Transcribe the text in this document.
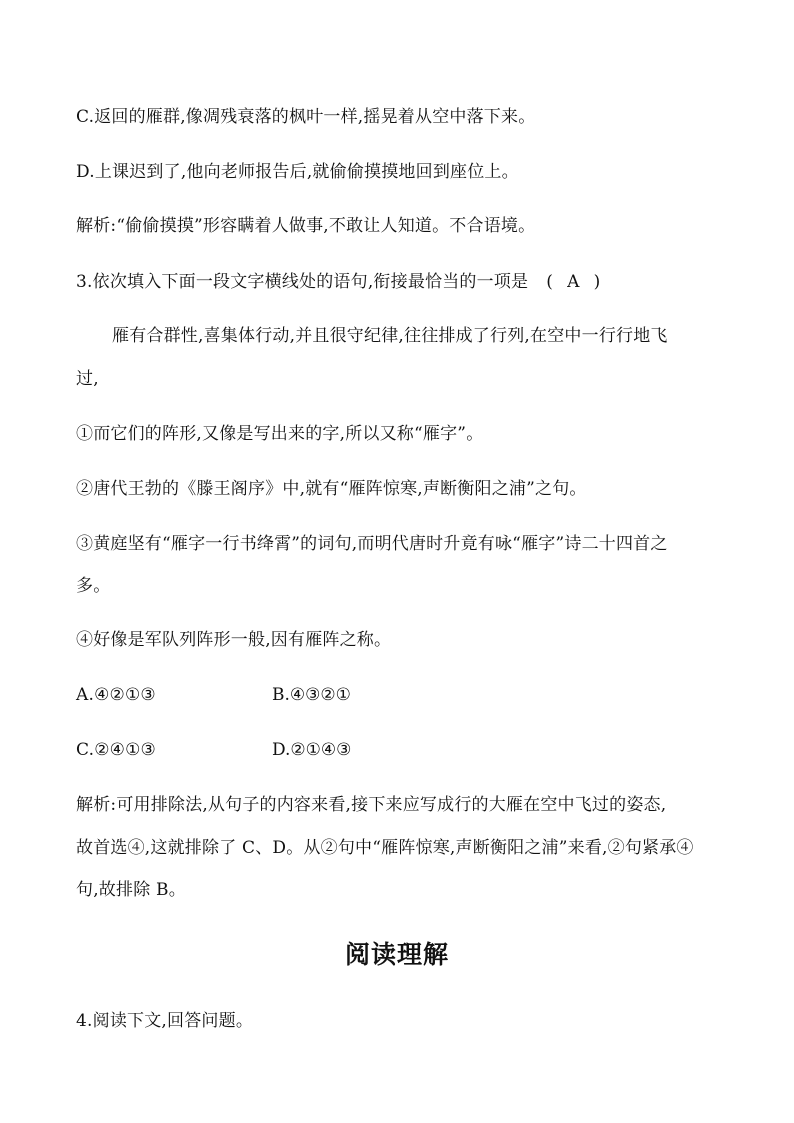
C.返回的雁群,像凋残衰落的枫叶一样,摇晃着从空中落下来。
D.上课迟到了,他向老师报告后,就偷偷摸摸地回到座位上。
解析:“偷偷摸摸”形容瞒着人做事,不敢让人知道。不合语境。
3.依次填入下面一段文字横线处的语句,衔接最恰当的一项是 ( A )
雁有合群性,喜集体行动,并且很守纪律,往往排成了行列,在空中一行行地飞
过,
①而它们的阵形,又像是写出来的字,所以又称“雁字”。
②唐代王勃的《滕王阁序》中,就有“雁阵惊寒,声断衡阳之浦”之句。
③黄庭坚有“雁字一行书绛霄”的词句,而明代唐时升竟有咏“雁字”诗二十四首之
多。
④好像是军队列阵形一般,因有雁阵之称。
A.④②①③	B.④③②①
C.②④①③	D.②①④③
解析:可用排除法,从句子的内容来看,接下来应写成行的大雁在空中飞过的姿态,
故首选④,这就排除了 C、D。从②句中“雁阵惊寒,声断衡阳之浦”来看,②句紧承④
句,故排除 B。
阅读理解
4.阅读下文,回答问题。
